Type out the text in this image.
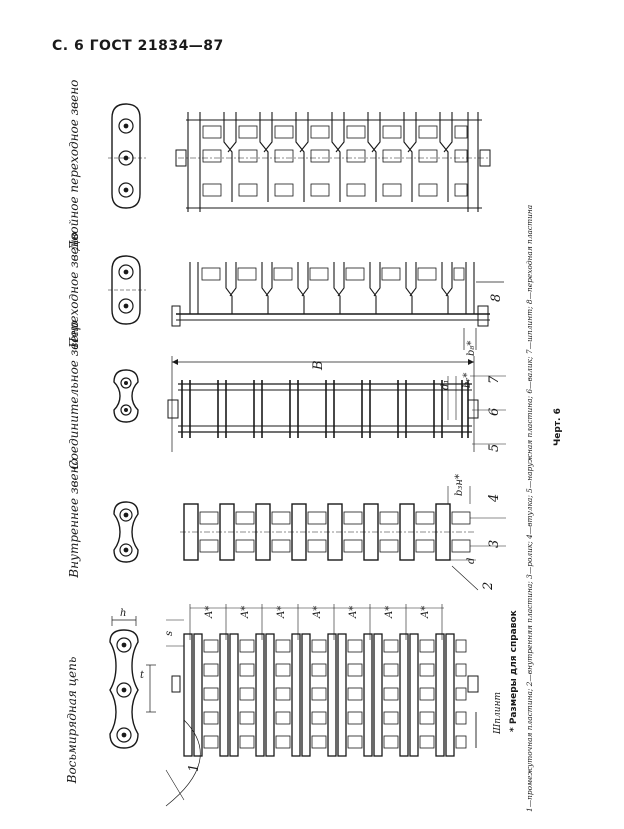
С. 6 ГОСТ 21834—87
Восьмирядная цепь
Внутреннее звено
Соединительное звено
Переходное звено
Двойное переходное звено
h
t
b₈*
8
B
d₁ b₇* 7
6
5
b₃н*
d
4
3
2
s
A*	A*	A*	A*	A*	A*	A*
Шплинт
1
* Размеры для справок 1—промежуточная пластина; 2—внутренняя пластина; 3—ролик; 4—втулка; 5—наружная пластина; 6—валик; 7—шплинт; 8—переходная пластина Черт. 6
